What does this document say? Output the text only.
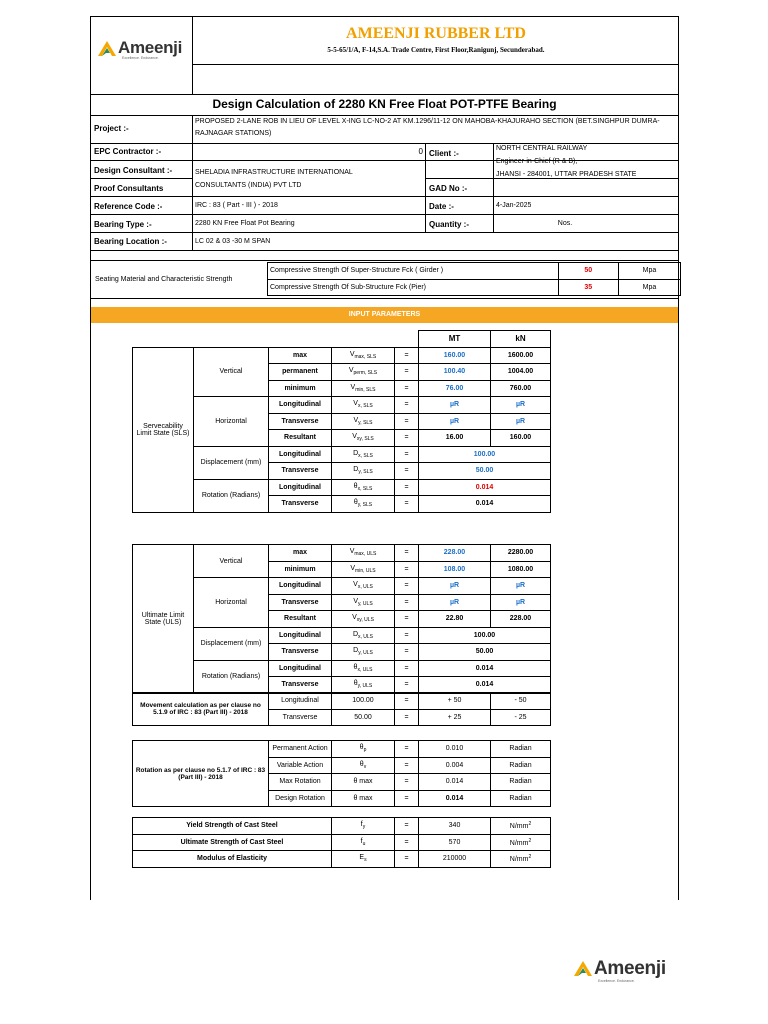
Ameenji
Excellence. Endurance.
AMEENJI RUBBER LTD
5-5-65/1/A, F-14,S.A. Trade Centre, First Floor,Ranigunj, Secunderabad.
Design Calculation of 2280 KN Free Float POT-PTFE Bearing
Project :-
PROPOSED 2-LANE ROB IN LIEU OF LEVEL X-ING LC-NO-2 AT KM.1296/11-12 ON MAHOBA-KHAJURAHO SECTION (BET.SINGHPUR DUMRA-
RAJNAGAR STATIONS)
EPC Contractor :-	0 Client :-
NORTH CENTRAL RAILWAY
Engineer-in-Chief (R & B),
JHANSI - 284001, UTTAR PRADESH STATE
Design Consultant :-	SHELADIA INFRASTRUCTURE INTERNATIONAL
CONSULTANTS (INDIA) PVT LTD
Proof Consultants	GAD No :-
Reference Code :-	IRC : 83 ( Part - III ) - 2018	Date :-	4-Jan-2025
Bearing Type :-	2280 KN Free Float Pot Bearing	Quantity :-	Nos.
Bearing Location :-	LC 02 & 03 -30 M SPAN
Seating Material and Characteristic Strength
Compressive Strength Of Super-Structure Fck ( Girder )	50	Mpa
Compressive Strength Of Sub-Structure Fck (Pier)	35	Mpa
INPUT PARAMETERS
					MT	kN
Servecability
Limit State (SLS)	Vertical	max	$V_{max, SLS}$	=	160.00	1600.00
		permanent	$V_{perm, SLS}$	=	100.40	1004.00
		minimum	$V_{min, SLS}$	=	76.00	760.00
	Horizontal	Longitudinal	$V_{x, SLS}$	=	µR	µR
		Transverse	$V_{y, SLS}$	=	µR	µR
		Resultant	$V_{xy, SLS}$	=	16.00	160.00
	Displacement (mm)	Longitudinal	$D_{x, SLS}$	=	100.00	
		Transverse	$D_{y, SLS}$	=	50.00	
	Rotation (Radians)	Longitudinal	$\theta_{x, SLS}$	=	0.014	
		Transverse	$\theta_{y, SLS}$	=	0.014	

Ultimate Limit
State (ULS)	Vertical	max	$V_{max, ULS}$	=	228.00	2280.00
		minimum	$V_{min, ULS}$	=	108.00	1080.00
	Horizontal	Longitudinal	$V_{x, ULS}$	=	µR	µR
		Transverse	$V_{y, ULS}$	=	µR	µR
		Resultant	$V_{xy, ULS}$	=	22.80	228.00
	Displacement (mm)	Longitudinal	$D_{x, ULS}$	=	100.00	
		Transverse	$D_{y, ULS}$	=	50.00	
	Rotation (Radians)	Longitudinal	$\theta_{x, ULS}$	=	0.014	
		Transverse	$\theta_{y, ULS}$	=	0.014	
Movement calculation as per clause no
5.1.9 of IRC : 83 (Part III) - 2018	Longitudinal	100.00	=	+ 50	- 50
	Transverse	50.00	=	+ 25	- 25
Rotation as per clause no 5.1.7 of IRC : 83
(Part III) - 2018	Permanent Action	$\theta_p$	=	0.010	Radian
	Variable Action	$\theta_v$	=	0.004	Radian
	Max Rotation	θ max	=	0.014	Radian
	Design Rotation	θ max	=	0.014	Radian
Yield Strength of Cast Steel	$f_y$	=	340	$N/mm^2$
Ultimate Strength of Cast Steel	$f_u$	=	570	$N/mm^2$
Modulus of Elasticity	$E_s$	=	210000	$N/mm^2$
Ameenji
Excellence. Endurance.
